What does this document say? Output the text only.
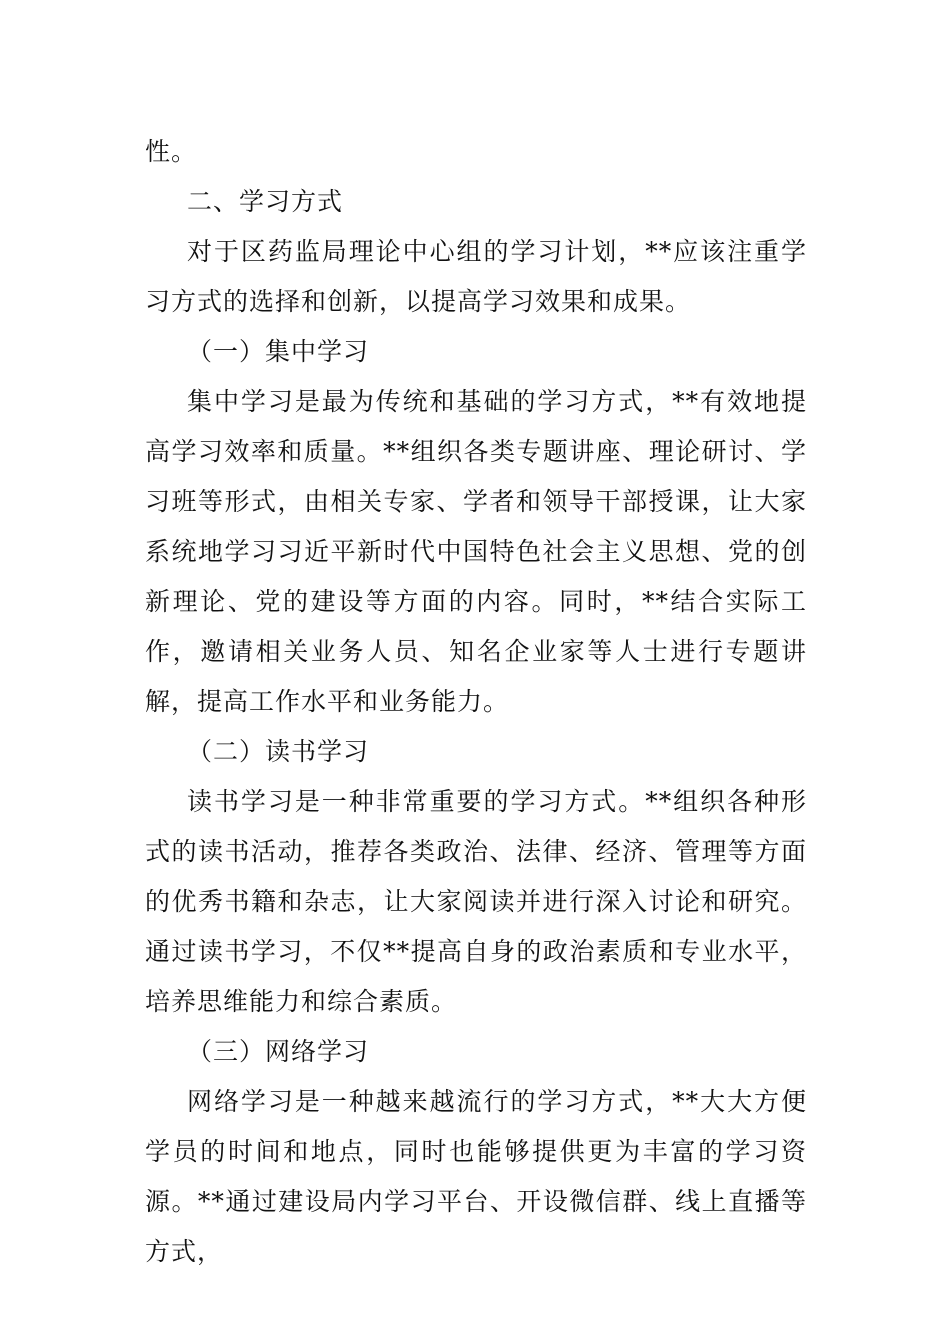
性。

二、学习方式

对于区药监局理论中心组的学习计划，**应该注重学习方式的选择和创新，以提高学习效果和成果。

（一）集中学习

集中学习是最为传统和基础的学习方式，**有效地提高学习效率和质量。**组织各类专题讲座、理论研讨、学习班等形式，由相关专家、学者和领导干部授课，让大家系统地学习习近平新时代中国特色社会主义思想、党的创新理论、党的建设等方面的内容。同时，**结合实际工作，邀请相关业务人员、知名企业家等人士进行专题讲解，提高工作水平和业务能力。

（二）读书学习

读书学习是一种非常重要的学习方式。**组织各种形式的读书活动，推荐各类政治、法律、经济、管理等方面的优秀书籍和杂志，让大家阅读并进行深入讨论和研究。通过读书学习，不仅**提高自身的政治素质和专业水平，培养思维能力和综合素质。

（三）网络学习

网络学习是一种越来越流行的学习方式，**大大方便学员的时间和地点，同时也能够提供更为丰富的学习资源。**通过建设局内学习平台、开设微信群、线上直播等方式，
